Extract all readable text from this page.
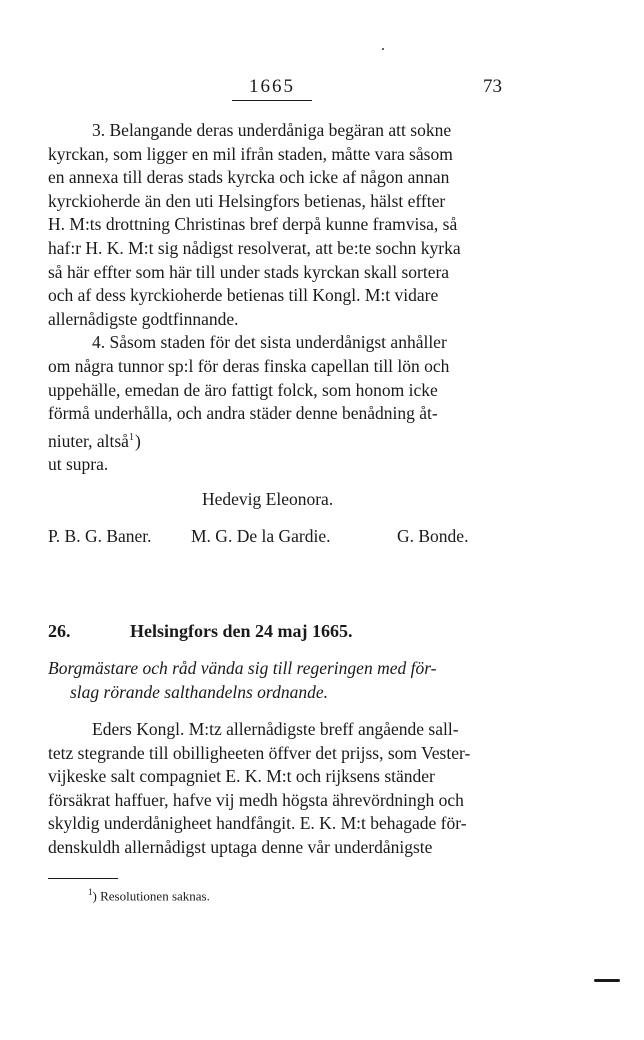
1665	73

3. Belangande deras underdåniga begäran att sokne
kyrckan, som ligger en mil ifrån staden, måtte vara såsom
en annexa till deras stads kyrcka och icke af någon annan
kyrckioherde än den uti Helsingfors betienas, hälst effter
H. M:ts drottning Christinas bref derpå kunne framvisa, så
haf:r H. K. M:t sig nådigst resolverat, att be:te sochn kyrka
så här effter som här till under stads kyrckan skall sortera
och af dess kyrckioherde betienas till Kongl. M:t vidare
allernådigste godtfinnande.

4. Såsom staden för det sista underdånigst anhåller
om några tunnor sp:l för deras finska capellan till lön och
uppehälle, emedan de äro fattigt folck, som honom icke
förmå underhålla, och andra städer denne benådning åt-
niuter, altså$^1$)
ut supra.

Hedevig Eleonora.
P. B. G. Baner. M. G. De la Gardie.	G. Bonde.
26.	Helsingfors den 24 maj 1665.
Borgmästare och råd vända sig till regeringen med för-
slag rörande salthandelns ordnande.

Eders Kongl. M:tz allernådigste breff angående sall-
tetz stegrande till obilligheeten öffver det prijss, som Vester-
vijkeske salt compagniet E. K. M:t och rijksens ständer
försäkrat haffuer, hafve vij medh högsta ährevördningh och
skyldig underdånigheet handfångit. E. K. M:t behagade för-
denskuldh allernådigst uptaga denne vår underdånigste

$^1$) Resolutionen saknas.
